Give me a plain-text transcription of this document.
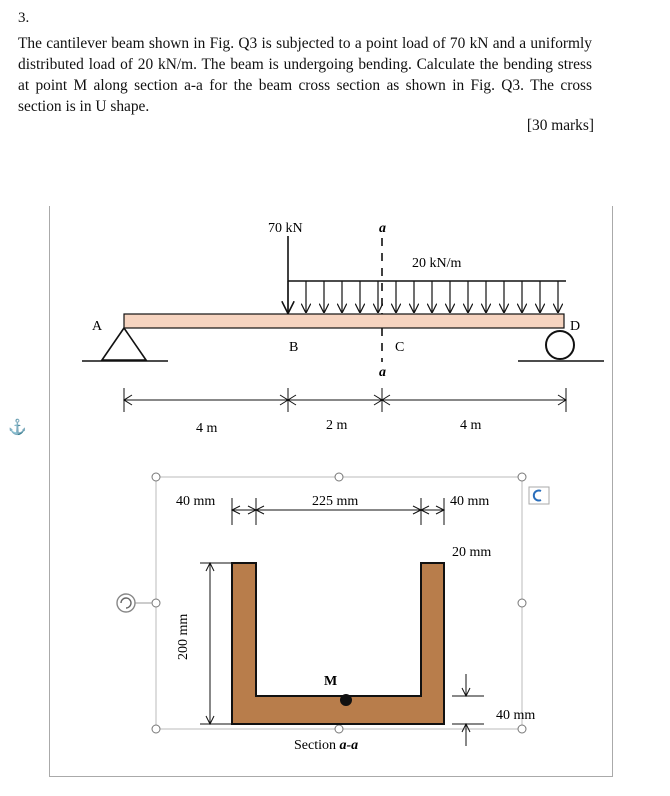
3.
The cantilever beam shown in Fig. Q3 is subjected to a point load of 70 kN and a uniformly distributed load of 20 kN/m. The beam is undergoing bending. Calculate the bending stress at point M along section a-a for the beam cross section as shown in Fig. Q3. The cross section is in U shape.
[30 marks]
70 kN	a
a
20 kN/m
A	D
B	C
4 m	2 m	4 m
⚓
M
40 mm	225 mm	40 mm
20 mm
200 mm
40 mm
Section a-a
